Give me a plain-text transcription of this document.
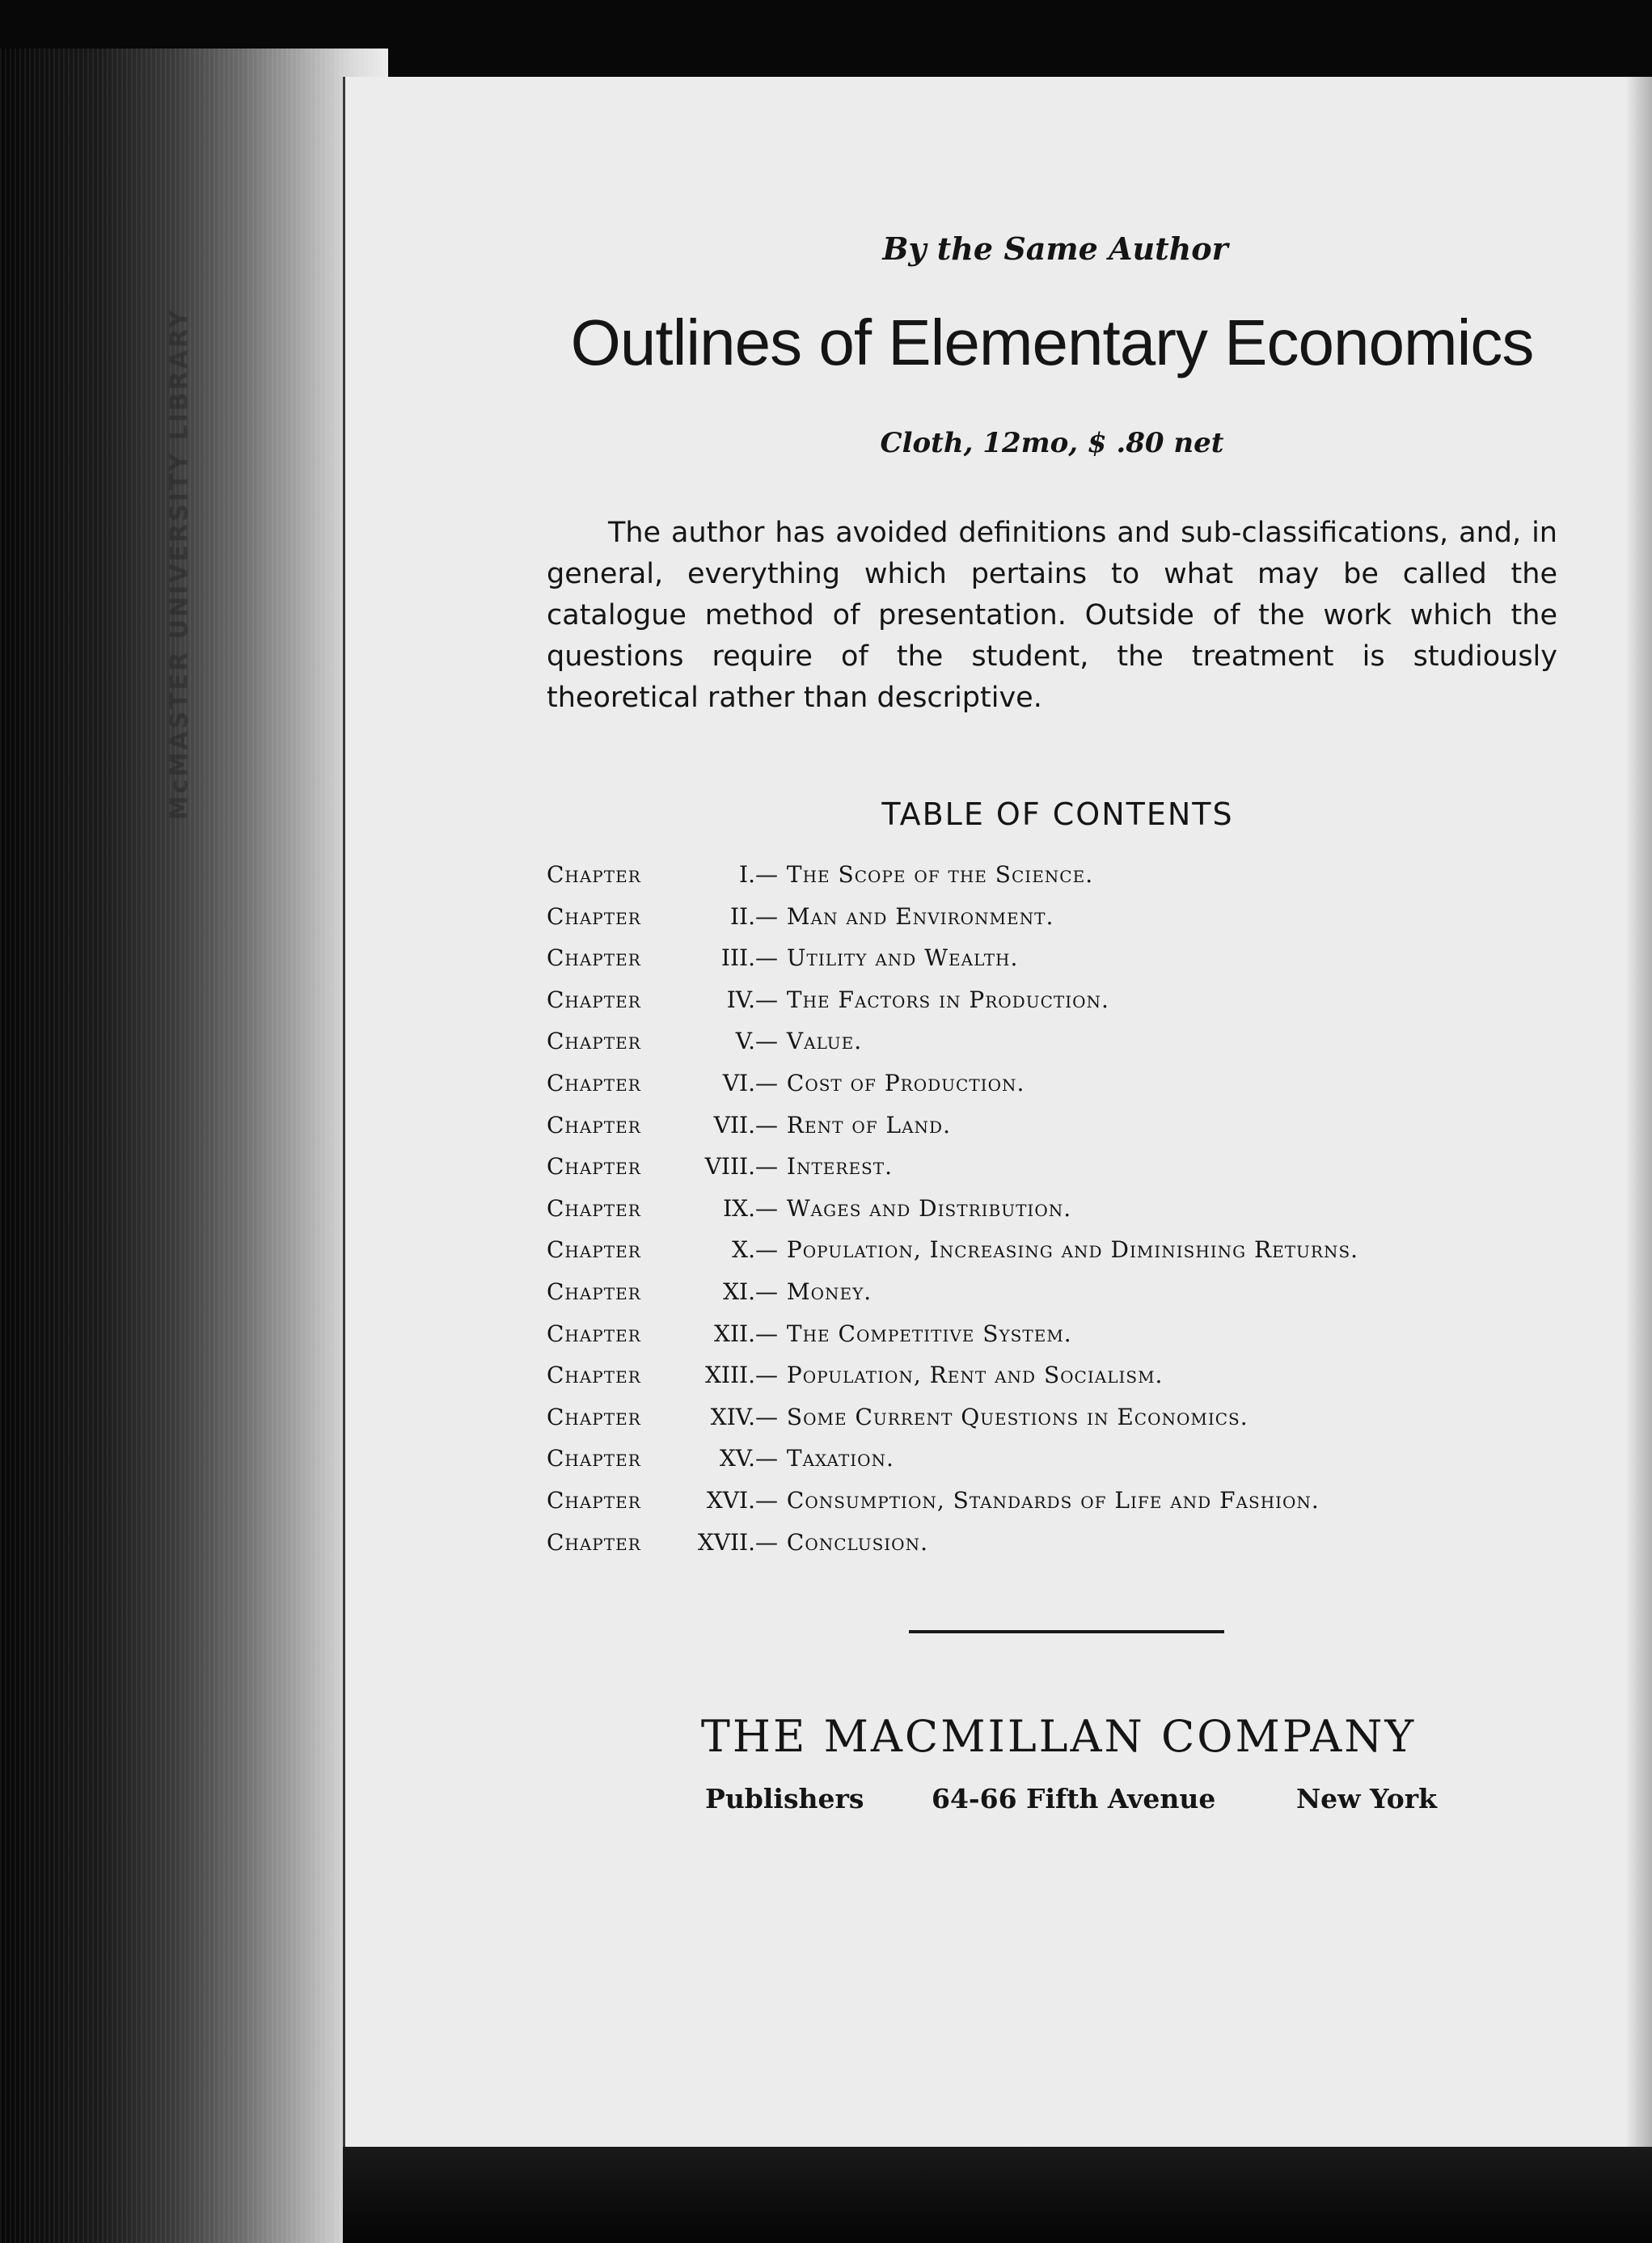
McMASTER UNIVERSITY LIBRARY
By the Same Author
Outlines of Elementary Economics
Cloth, 12mo, $ .80 net
The author has avoided definitions and sub-classifications, and, in general, everything which pertains to what may be called the catalogue method of presentation. Outside of the work which the questions require of the student, the treatment is studiously theoretical rather than descriptive.
TABLE OF CONTENTS
Chapter	I. — The Scope of the Science.
Chapter	II. — Man and Environment.
Chapter	III. — Utility and Wealth.
Chapter	IV. — The Factors in Production.
Chapter	V. — Value.
Chapter	VI. — Cost of Production.
Chapter	VII. — Rent of Land.
Chapter	VIII. — Interest.
Chapter	IX. — Wages and Distribution.
Chapter	X. — Population, Increasing and Diminishing Returns.
Chapter	XI. — Money.
Chapter	XII. — The Competitive System.
Chapter	XIII. — Population, Rent and Socialism.
Chapter	XIV. — Some Current Questions in Economics.
Chapter	XV. — Taxation.
Chapter	XVI. — Consumption, Standards of Life and Fashion.
Chapter	XVII. — Conclusion.
THE MACMILLAN COMPANY
Publishers	64-66 Fifth Avenue	New York
